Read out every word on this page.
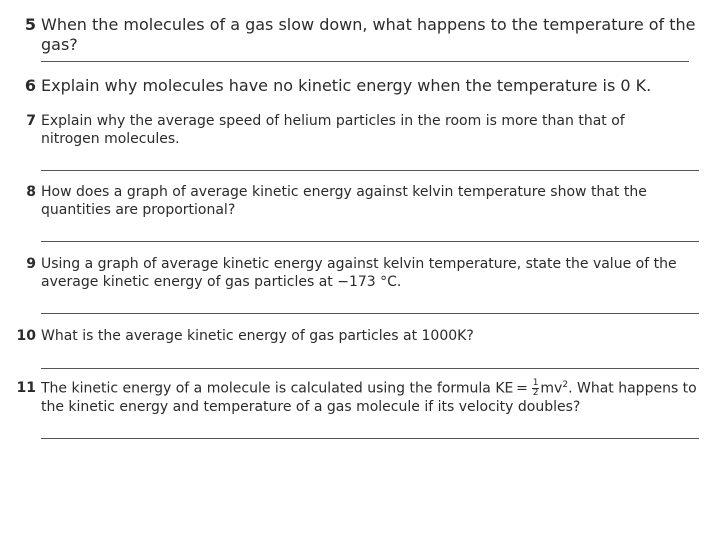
5 When the molecules of a gas slow down, what happens to the temperature of the gas?
6 Explain why molecules have no kinetic energy when the temperature is 0 K.
7 Explain why the average speed of helium particles in the room is more than that of nitrogen molecules.
8 How does a graph of average kinetic energy against kelvin temperature show that the quantities are proportional?
9 Using a graph of average kinetic energy against kelvin temperature, state the value of the average kinetic energy of gas particles at −173 °C.
10 What is the average kinetic energy of gas particles at 1000K?
11 The kinetic energy of a molecule is calculated using the formula KE =  $\frac{1}{2} mv^2$. What happens to the kinetic energy and temperature of a gas molecule if its velocity doubles?
